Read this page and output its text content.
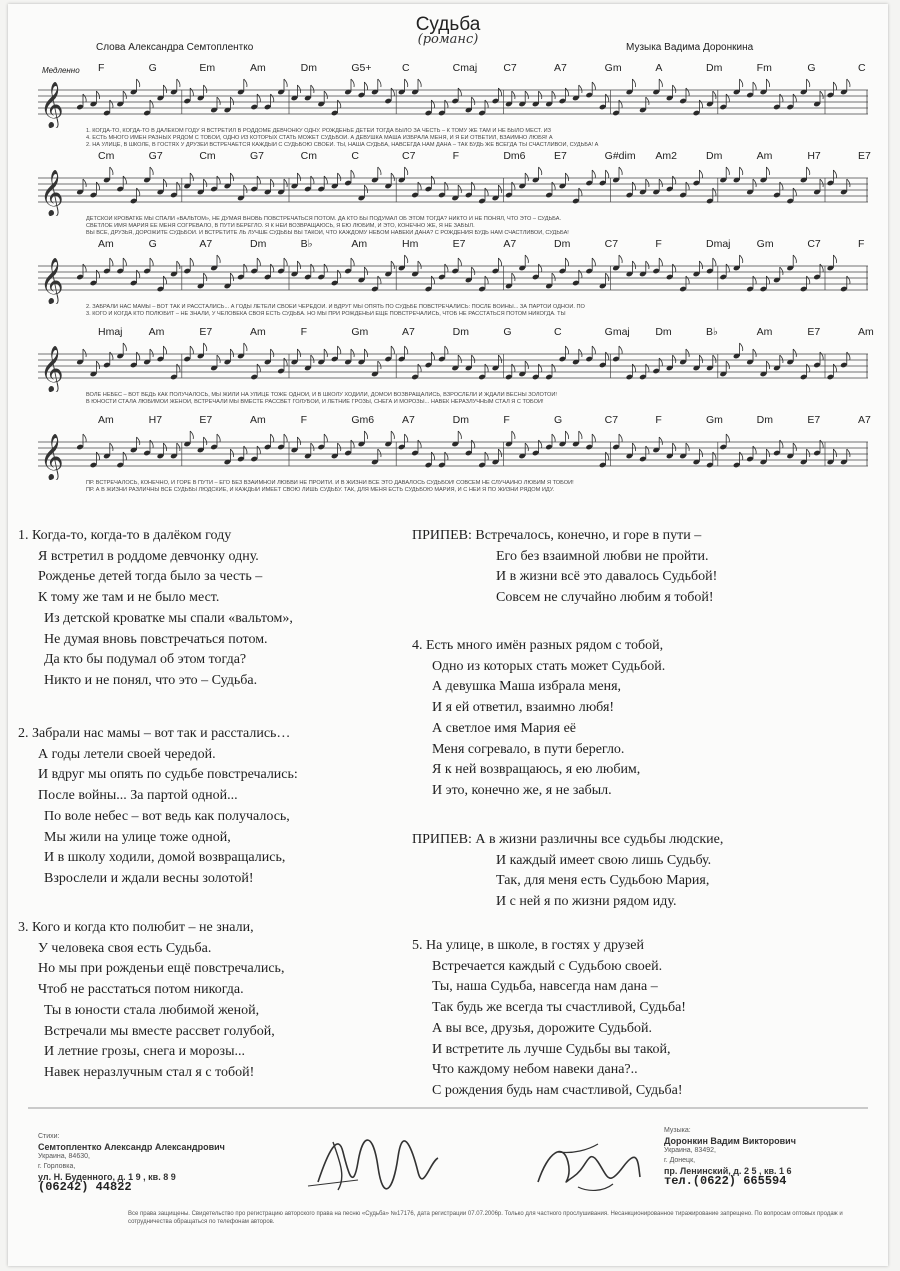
Судьба
(романс)
Слова Александра Семтоплентко	Музыка Вадима Доронкина
Медленно F	G	Em	Am	Dm	G5+	C	Cmaj C7	A7	Gm	A	Dm	Fm	G	C
𝄞
1. КОГДА-ТО, КОГДА-ТО В ДАЛЁКОМ ГОДУ Я ВСТРЕТИЛ В РОДДОМЕ ДЕВЧОНКУ ОДНУ. РОЖДЕНЬЕ ДЕТЕЙ ТОГДА БЫЛО ЗА ЧЕСТЬ – К ТОМУ ЖЕ ТАМ И НЕ БЫЛО МЕСТ. ИЗ
4. ЕСТЬ МНОГО ИМЁН РАЗНЫХ РЯДОМ С ТОБОЙ, ОДНО ИЗ КОТОРЫХ СТАТЬ МОЖЕТ СУДЬБОЙ. А ДЕВУШКА МАША ИЗБРАЛА МЕНЯ, И Я ЕЙ ОТВЕТИЛ, ВЗАИМНО ЛЮБЯ! А
2. НА УЛИЦЕ, В ШКОЛЕ, В ГОСТЯХ У ДРУЗЕЙ ВСТРЕЧАЕТСЯ КАЖДЫЙ С СУДЬБОЮ СВОЕЙ. ТЫ, НАША СУДЬБА, НАВСЕГДА НАМ ДАНА – ТАК БУДЬ ЖЕ ВСЕГДА ТЫ СЧАСТЛИВОЙ, СУДЬБА! А
Cm	G7	Cm	G7	Cm	C	C7	F	Dm6	E7	G#dim Am2	Dm	Am	H7	E7
𝄞
ДЕТСКОЙ КРОВАТКЕ МЫ СПАЛИ «ВАЛЬТОМ», НЕ ДУМАЯ ВНОВЬ ПОВСТРЕЧАТЬСЯ ПОТОМ. ДА КТО БЫ ПОДУМАЛ ОБ ЭТОМ ТОГДА? НИКТО И НЕ ПОНЯЛ, ЧТО ЭТО – СУДЬБА.
СВЕТЛОЕ ИМЯ МАРИЯ ЕЁ МЕНЯ СОГРЕВАЛО, В ПУТИ БЕРЕГЛО. Я К НЕЙ ВОЗВРАЩАЮСЬ, Я ЕЮ ЛЮБИМ, И ЭТО, КОНЕЧНО ЖЕ, Я НЕ ЗАБЫЛ.
ВЫ ВСЕ, ДРУЗЬЯ, ДОРОЖИТЕ СУДЬБОЙ. И ВСТРЕТИТЕ ЛЬ ЛУЧШЕ СУДЬБЫ ВЫ ТАКОЙ, ЧТО КАЖДОМУ НЕБОМ НАВЕКИ ДАНА? С РОЖДЕНИЯ БУДЬ НАМ СЧАСТЛИВОЙ, СУДЬБА!
Am	G	A7	Dm	B♭	Am	Hm	E7	A7	Dm	C7	F	Dmaj Gm	C7	F
𝄞
2. ЗАБРАЛИ НАС МАМЫ – ВОТ ТАК И РАССТАЛИСЬ... А ГОДЫ ЛЕТЕЛИ СВОЕЙ ЧЕРЕДОЙ. И ВДРУГ МЫ ОПЯТЬ ПО СУДЬБЕ ПОВСТРЕЧАЛИСЬ: ПОСЛЕ ВОЙНЫ... ЗА ПАРТОЙ ОДНОЙ. ПО
3. КОГО И КОГДА КТО ПОЛЮБИТ – НЕ ЗНАЛИ, У ЧЕЛОВЕКА СВОЯ ЕСТЬ СУДЬБА. НО МЫ ПРИ РОЖДЕНЬИ ЕЩЁ ПОВСТРЕЧАЛИСЬ, ЧТОБ НЕ РАССТАТЬСЯ ПОТОМ НИКОГДА. ТЫ
Hmaj Am	E7	Am	F	Gm	A7	Dm	G	C	Gmaj Dm	B♭	Am	E7	Am
𝄞
ВОЛЕ НЕБЕС – ВОТ ВЕДЬ КАК ПОЛУЧАЛОСЬ, МЫ ЖИЛИ НА УЛИЦЕ ТОЖЕ ОДНОЙ, И В ШКОЛУ ХОДИЛИ, ДОМОЙ ВОЗВРАЩАЛИСЬ, ВЗРОСЛЕЛИ И ЖДАЛИ ВЕСНЫ ЗОЛОТОЙ!
В ЮНОСТИ СТАЛА ЛЮБИМОЙ ЖЕНОЙ, ВСТРЕЧАЛИ МЫ ВМЕСТЕ РАССВЕТ ГОЛУБОЙ, И ЛЕТНИЕ ГРОЗЫ, СНЕГА И МОРОЗЫ... НАВЕК НЕРАЗЛУЧНЫМ СТАЛ Я С ТОБОЙ!
Am	H7	E7	Am	F	Gm6	A7	Dm	F	G	C7	F	Gm	Dm	E7	A7
𝄞
ПР. ВСТРЕЧАЛОСЬ, КОНЕЧНО, И ГОРЕ В ПУТИ – ЕГО БЕЗ ВЗАИМНОЙ ЛЮБВИ НЕ ПРОЙТИ. И В ЖИЗНИ ВСЁ ЭТО ДАВАЛОСЬ СУДЬБОЙ! СОВСЕМ НЕ СЛУЧАЙНО ЛЮБИМ Я ТОБОЙ!
ПР. А В ЖИЗНИ РАЗЛИЧНЫ ВСЕ СУДЬБЫ ЛЮДСКИЕ, И КАЖДЫЙ ИМЕЕТ СВОЮ ЛИШЬ СУДЬБУ. ТАК, ДЛЯ МЕНЯ ЕСТЬ СУДЬБОЮ МАРИЯ, И С НЕЙ Я ПО ЖИЗНИ РЯДОМ ИДУ.
1. Когда-то, когда-то в далёком году
Я встретил в роддоме девчонку одну.
Рожденье детей тогда было за честь –
К тому же там и не было мест.
Из детской кроватке мы спали «вальтом»,
Не думая вновь повстречаться потом.
Да кто бы подумал об этом тогда?
Никто и не понял, что это – Судьба.
2. Забрали нас мамы – вот так и расстались…
А годы летели своей чередой.
И вдруг мы опять по судьбе повстречались:
После войны... За партой одной...
По воле небес – вот ведь как получалось,
Мы жили на улице тоже одной,
И в школу ходили, домой возвращались,
Взрослели и ждали весны золотой!
3. Кого и когда кто полюбит – не знали,
У человека своя есть Судьба.
Но мы при рожденьи ещё повстречались,
Чтоб не расстаться потом никогда.
Ты в юности стала любимой женой,
Встречали мы вместе рассвет голубой,
И летние грозы, снега и морозы...
Навек неразлучным стал я с тобой!
ПРИПЕВ: Встречалось, конечно, и горе в пути –
Его без взаимной любви не пройти.
И в жизни всё это давалось Судьбой!
Совсем не случайно любим я тобой!
4. Есть много имён разных рядом с тобой,
Одно из которых стать может Судьбой.
А девушка Маша избрала меня,
И я ей ответил, взаимно любя!
А светлое имя Мария её
Меня согревало, в пути берегло.
Я к ней возвращаюсь, я ею любим,
И это, конечно же, я не забыл.
ПРИПЕВ: А в жизни различны все судьбы людские,
И каждый имеет свою лишь Судьбу.
Так, для меня есть Судьбою Мария,
И с ней я по жизни рядом иду.
5. На улице, в школе, в гостях у друзей
Встречается каждый с Судьбою своей.
Ты, наша Судьба, навсегда нам дана –
Так будь же всегда ты счастливой, Судьба!
А вы все, друзья, дорожите Судьбой.
И встретите ль лучше Судьбы вы такой,
Что каждому небом навеки дана?..
С рождения будь нам счастливой, Судьба!
Стихи:
Семтоплентко Александр Александрович
Украина, 84630,
г. Горловка,
ул. Н. Буденного, д. 1 9 , кв. 8 9
(06242) 44822
Музыка:
Доронкин Вадим Викторович
Украина, 83492,
г. Донецк,
пр. Ленинский, д. 2 5 , кв. 1 6
тел.(0622) 665594
Все права защищены. Свидетельство про регистрацию авторского права на песню «Судьба» №17176, дата регистрации 07.07.2006р. Только для частного прослушивания. Несанкционированное тиражирование запрещено. По вопросам оптовых продаж и сотрудничества обращаться по телефонам авторов.
